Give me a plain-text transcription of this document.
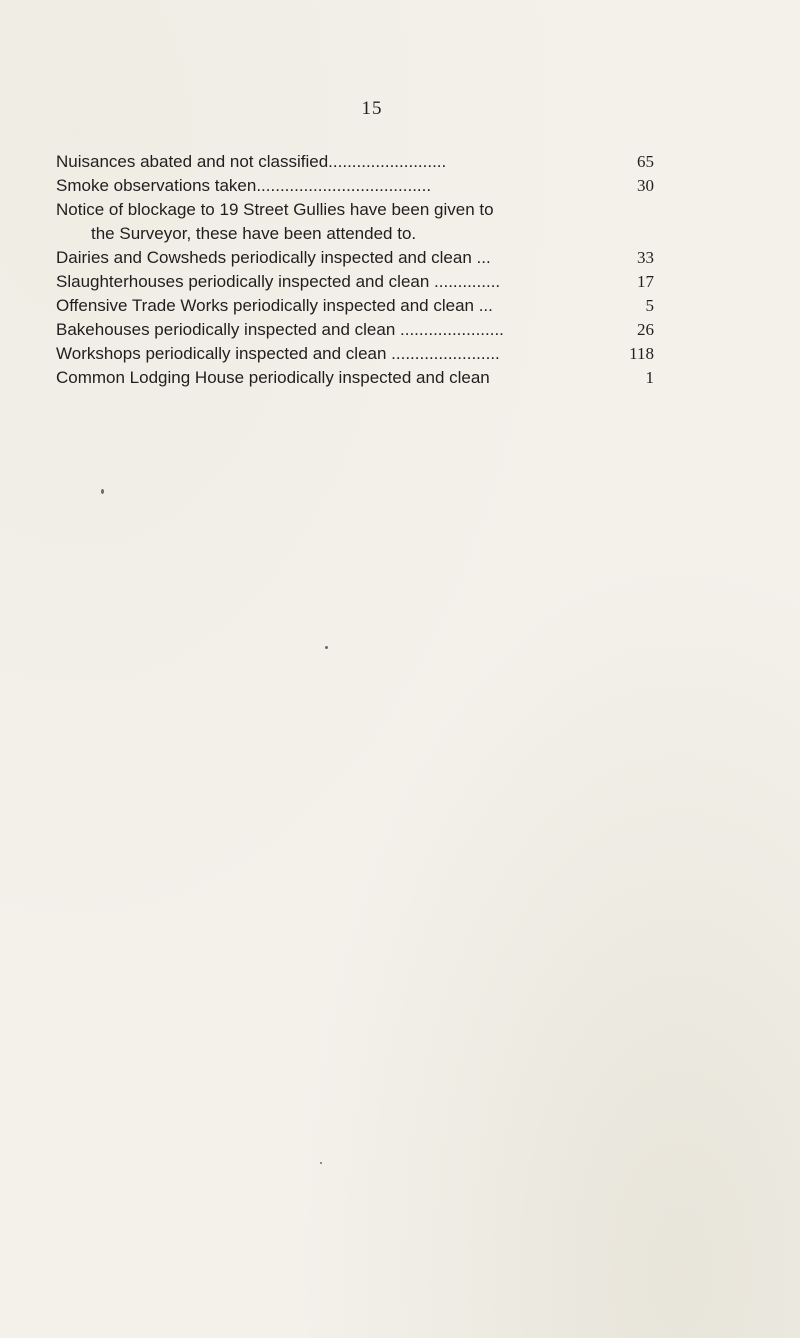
15
Nuisances abated and not classified.........................	65
Smoke observations taken.....................................	30
Notice of blockage to 19 Street Gullies have been given to
the Surveyor, these have been attended to.
Dairies and Cowsheds periodically inspected and clean ...	33
Slaughterhouses periodically inspected and clean ..............	17
Offensive Trade Works periodically inspected and clean ...	5
Bakehouses periodically inspected and clean ......................	26
Workshops periodically inspected and clean .......................	118
Common Lodging House periodically inspected and clean	1
